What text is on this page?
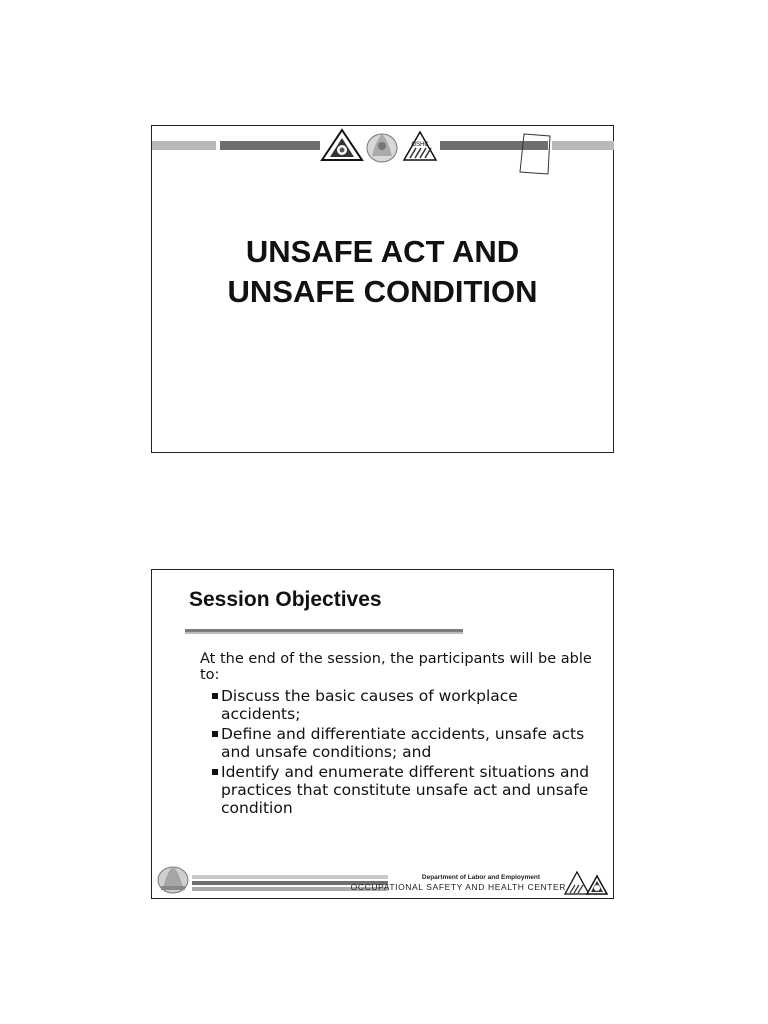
OSHC
UNSAFE ACT AND
UNSAFE CONDITION
Session Objectives
At the end of the session, the participants will be able to:
Discuss the basic causes of workplace accidents;
Define and differentiate accidents, unsafe acts and unsafe conditions; and
Identify and enumerate different situations and practices that constitute unsafe act and unsafe condition
Department of Labor and Employment
OCCUPATIONAL SAFETY AND HEALTH CENTER
